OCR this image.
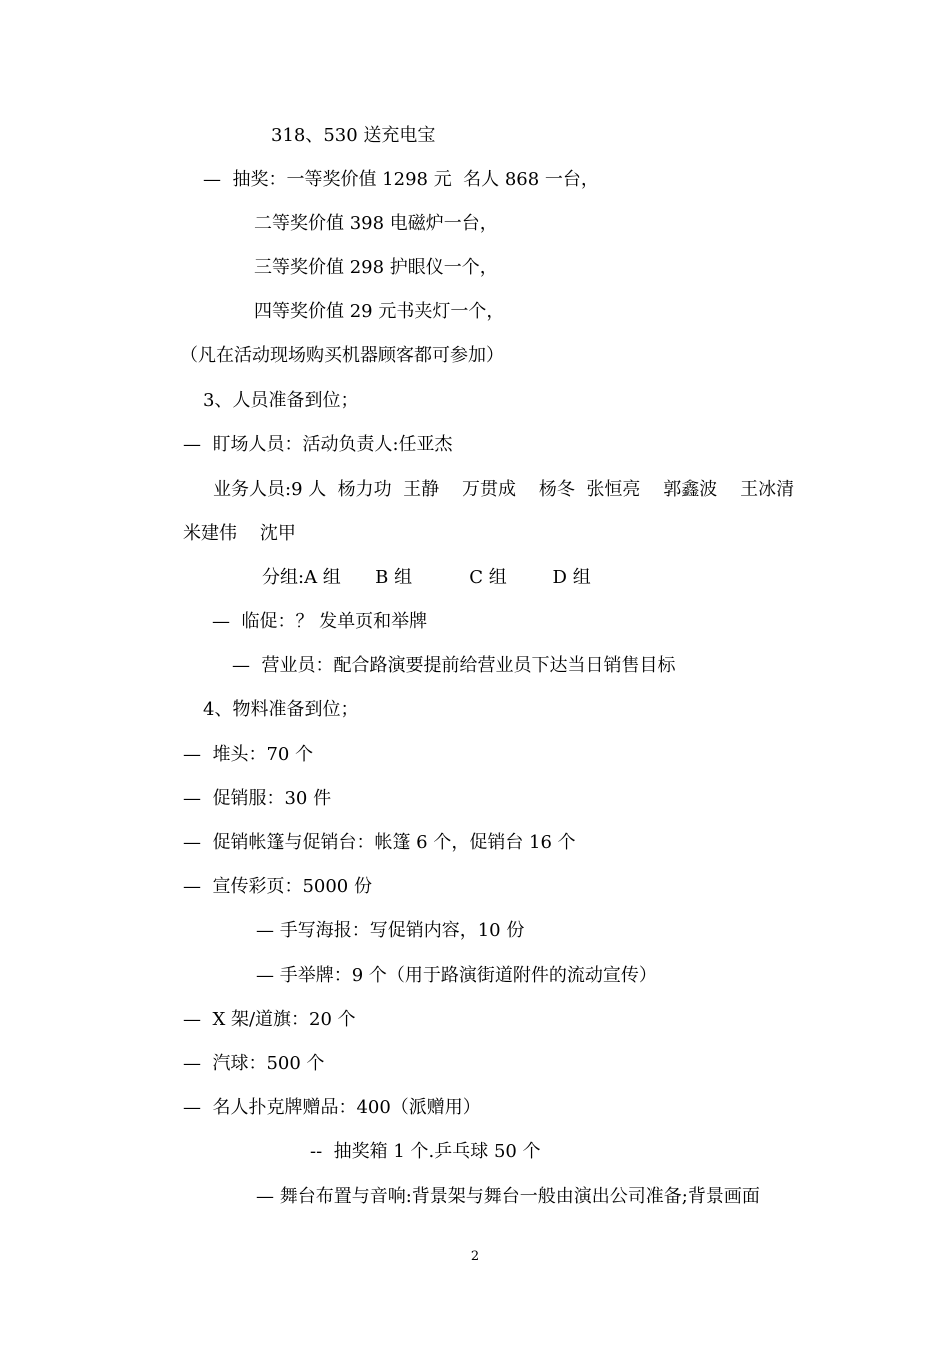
318、530 送充电宝
—  抽奖：一等奖价值 1298 元  名人 868 一台，
二等奖价值 398 电磁炉一台，
三等奖价值 298 护眼仪一个，
四等奖价值 29 元书夹灯一个，
（凡在活动现场购买机器顾客都可参加）
3、人员准备到位；
—  盯场人员：活动负责人:任亚杰
业务人员:9 人  杨力功  王静    万贯成    杨冬  张恒亮    郭鑫波    王冰清
米建伟    沈甲
分组:A 组      B 组          C 组        D 组
—  临促：？ 发单页和举牌
—  营业员：配合路演要提前给营业员下达当日销售目标
4、物料准备到位；
—  堆头：70 个
—  促销服：30 件
—  促销帐篷与促销台：帐篷 6 个，促销台 16 个
—  宣传彩页：5000 份
— 手写海报：写促销内容，10 份
— 手举牌：9 个（用于路演街道附件的流动宣传）
—  X 架/道旗：20 个
—  汽球：500 个
—  名人扑克牌赠品：400（派赠用）
--  抽奖箱 1 个.乒乓球 50 个
— 舞台布置与音响:背景架与舞台一般由演出公司准备;背景画面
2
